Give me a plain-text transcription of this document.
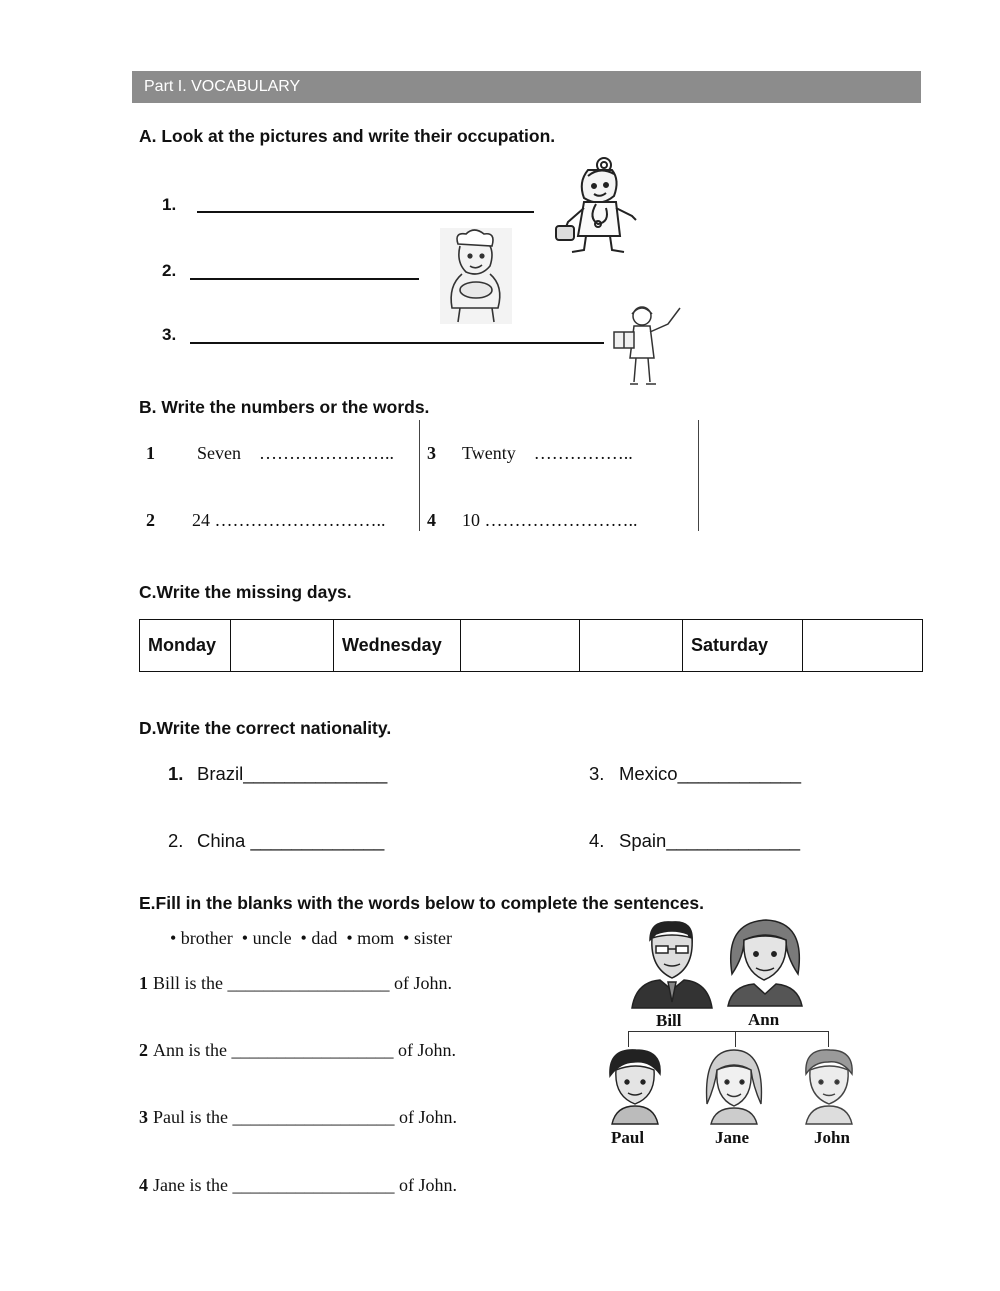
Part I. VOCABULARY
A. Look at the pictures and write their occupation.
1.
2.
3.
B. Write the numbers or the words.
1 Seven    ………………….. 3 Twenty    ……………..
2 24 ……………………….. 4 10 ……………………..
C.Write the missing days.
Monday		Wednesday			Saturday	
D.Write the correct nationality.
1. Brazil______________	3. Mexico____________
2. China _____________	4. Spain_____________
E.Fill in the blanks with the words below to complete the sentences.
• brother  • uncle  • dad  • mom  • sister
1 Bill is the __________________ of John.
2 Ann is the __________________ of John.
3 Paul is the __________________ of John.
4 Jane is the __________________ of John.
Bill	Ann
Paul	Jane	John
